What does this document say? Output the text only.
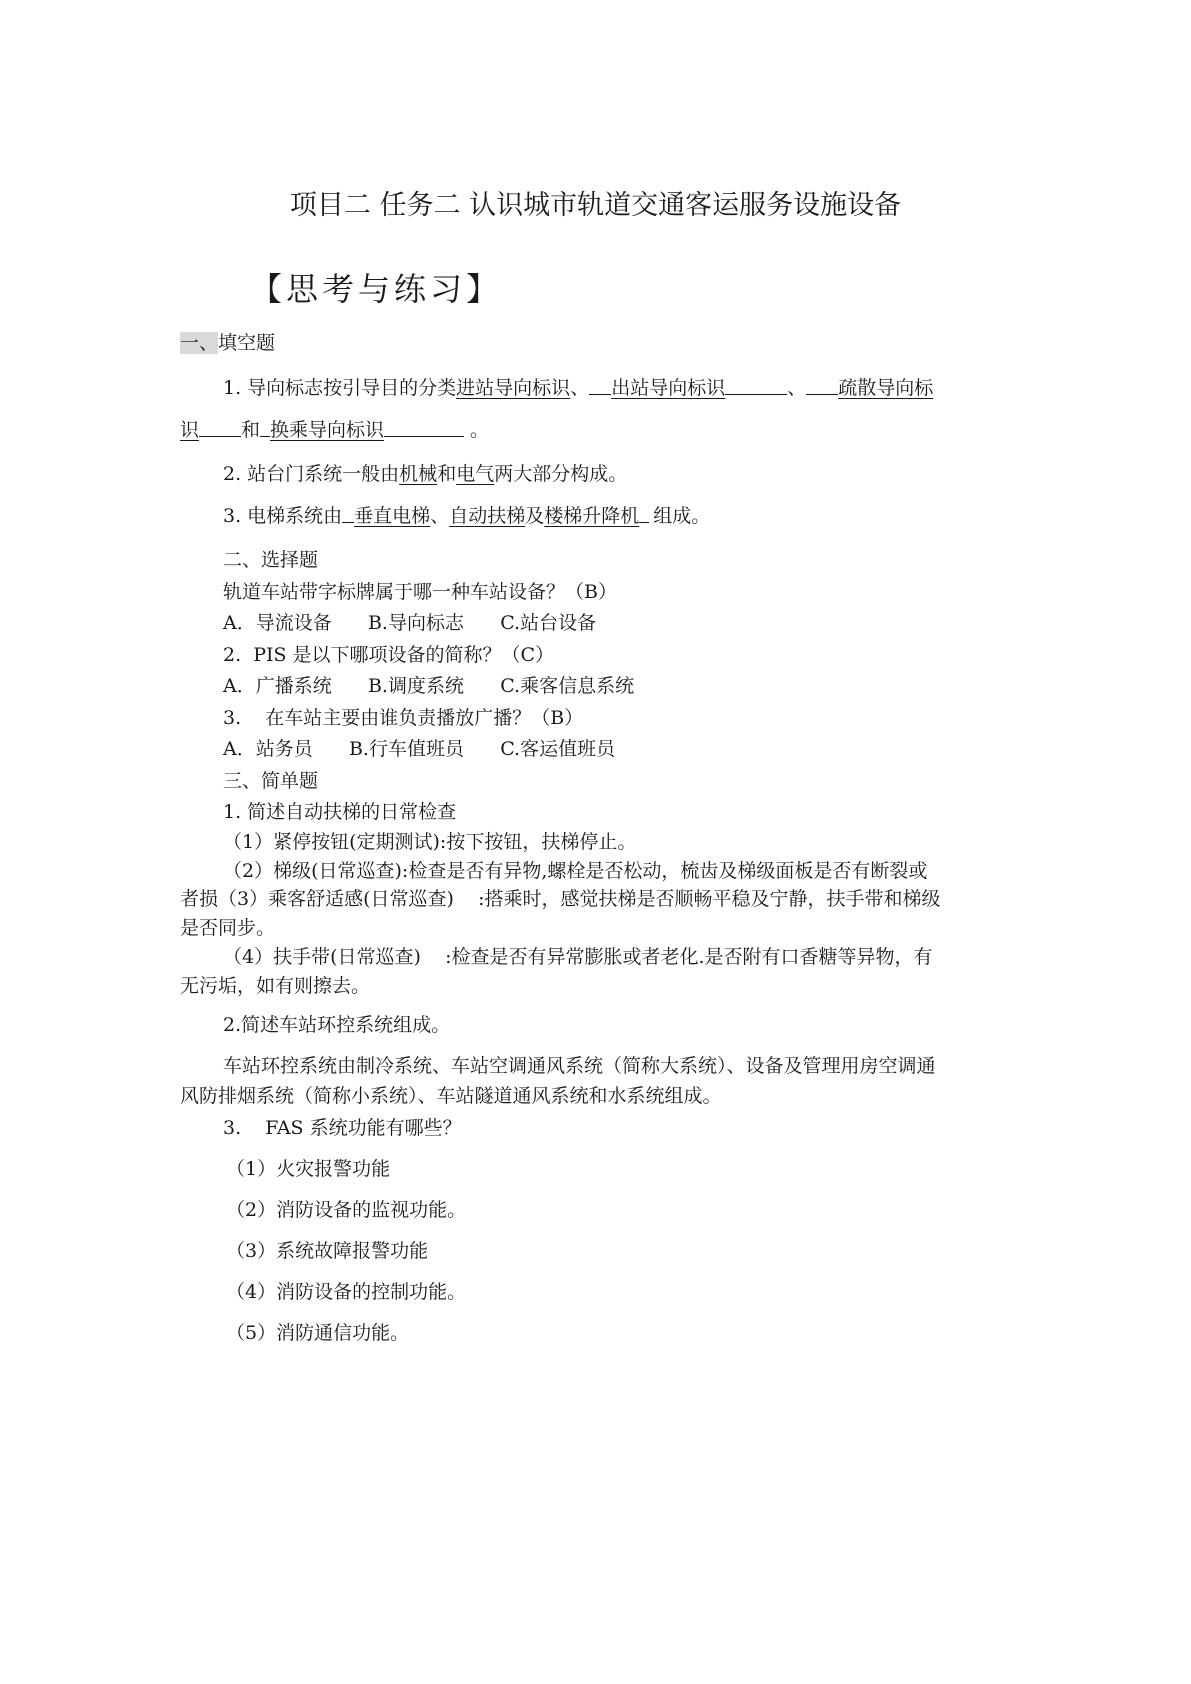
项目二 任务二 认识城市轨道交通客运服务设施设备
【思考与练习】
一、填空题
1. 导向标志按引导目的分类进站导向标识、 出站导向标识	、 疏散导向标
识 和 换乘导向标识	。
2. 站台门系统一般由机械和电气两大部分构成。
3. 电梯系统由 垂直电梯、自动扶梯及楼梯升降机 组成。
二、选择题
轨道车站带字标牌属于哪一种车站设备？（B）
A．导流设备      B.导向标志      C.站台设备
2.  PIS 是以下哪项设备的简称？（C）
A．广播系统      B.调度系统      C.乘客信息系统
3.    在车站主要由谁负责播放广播？（B）
A．站务员      B.行车值班员      C.客运值班员
三、简单题
1. 简述自动扶梯的日常检查
（1）紧停按钮(定期测试):按下按钮，扶梯停止。
（2）梯级(日常巡查):检查是否有异物,螺栓是否松动，梳齿及梯级面板是否有断裂或
者损（3）乘客舒适感(日常巡查)    :搭乘时，感觉扶梯是否顺畅平稳及宁静，扶手带和梯级
是否同步。
（4）扶手带(日常巡查)    :检查是否有异常膨胀或者老化.是否附有口香糖等异物，有
无污垢，如有则擦去。
2.简述车站环控系统组成。
车站环控系统由制冷系统、车站空调通风系统（简称大系统）、设备及管理用房空调通
风防排烟系统（简称小系统）、车站隧道通风系统和水系统组成。
3.    FAS 系统功能有哪些？
（1）火灾报警功能
（2）消防设备的监视功能。
（3）系统故障报警功能
（4）消防设备的控制功能。
（5）消防通信功能。
